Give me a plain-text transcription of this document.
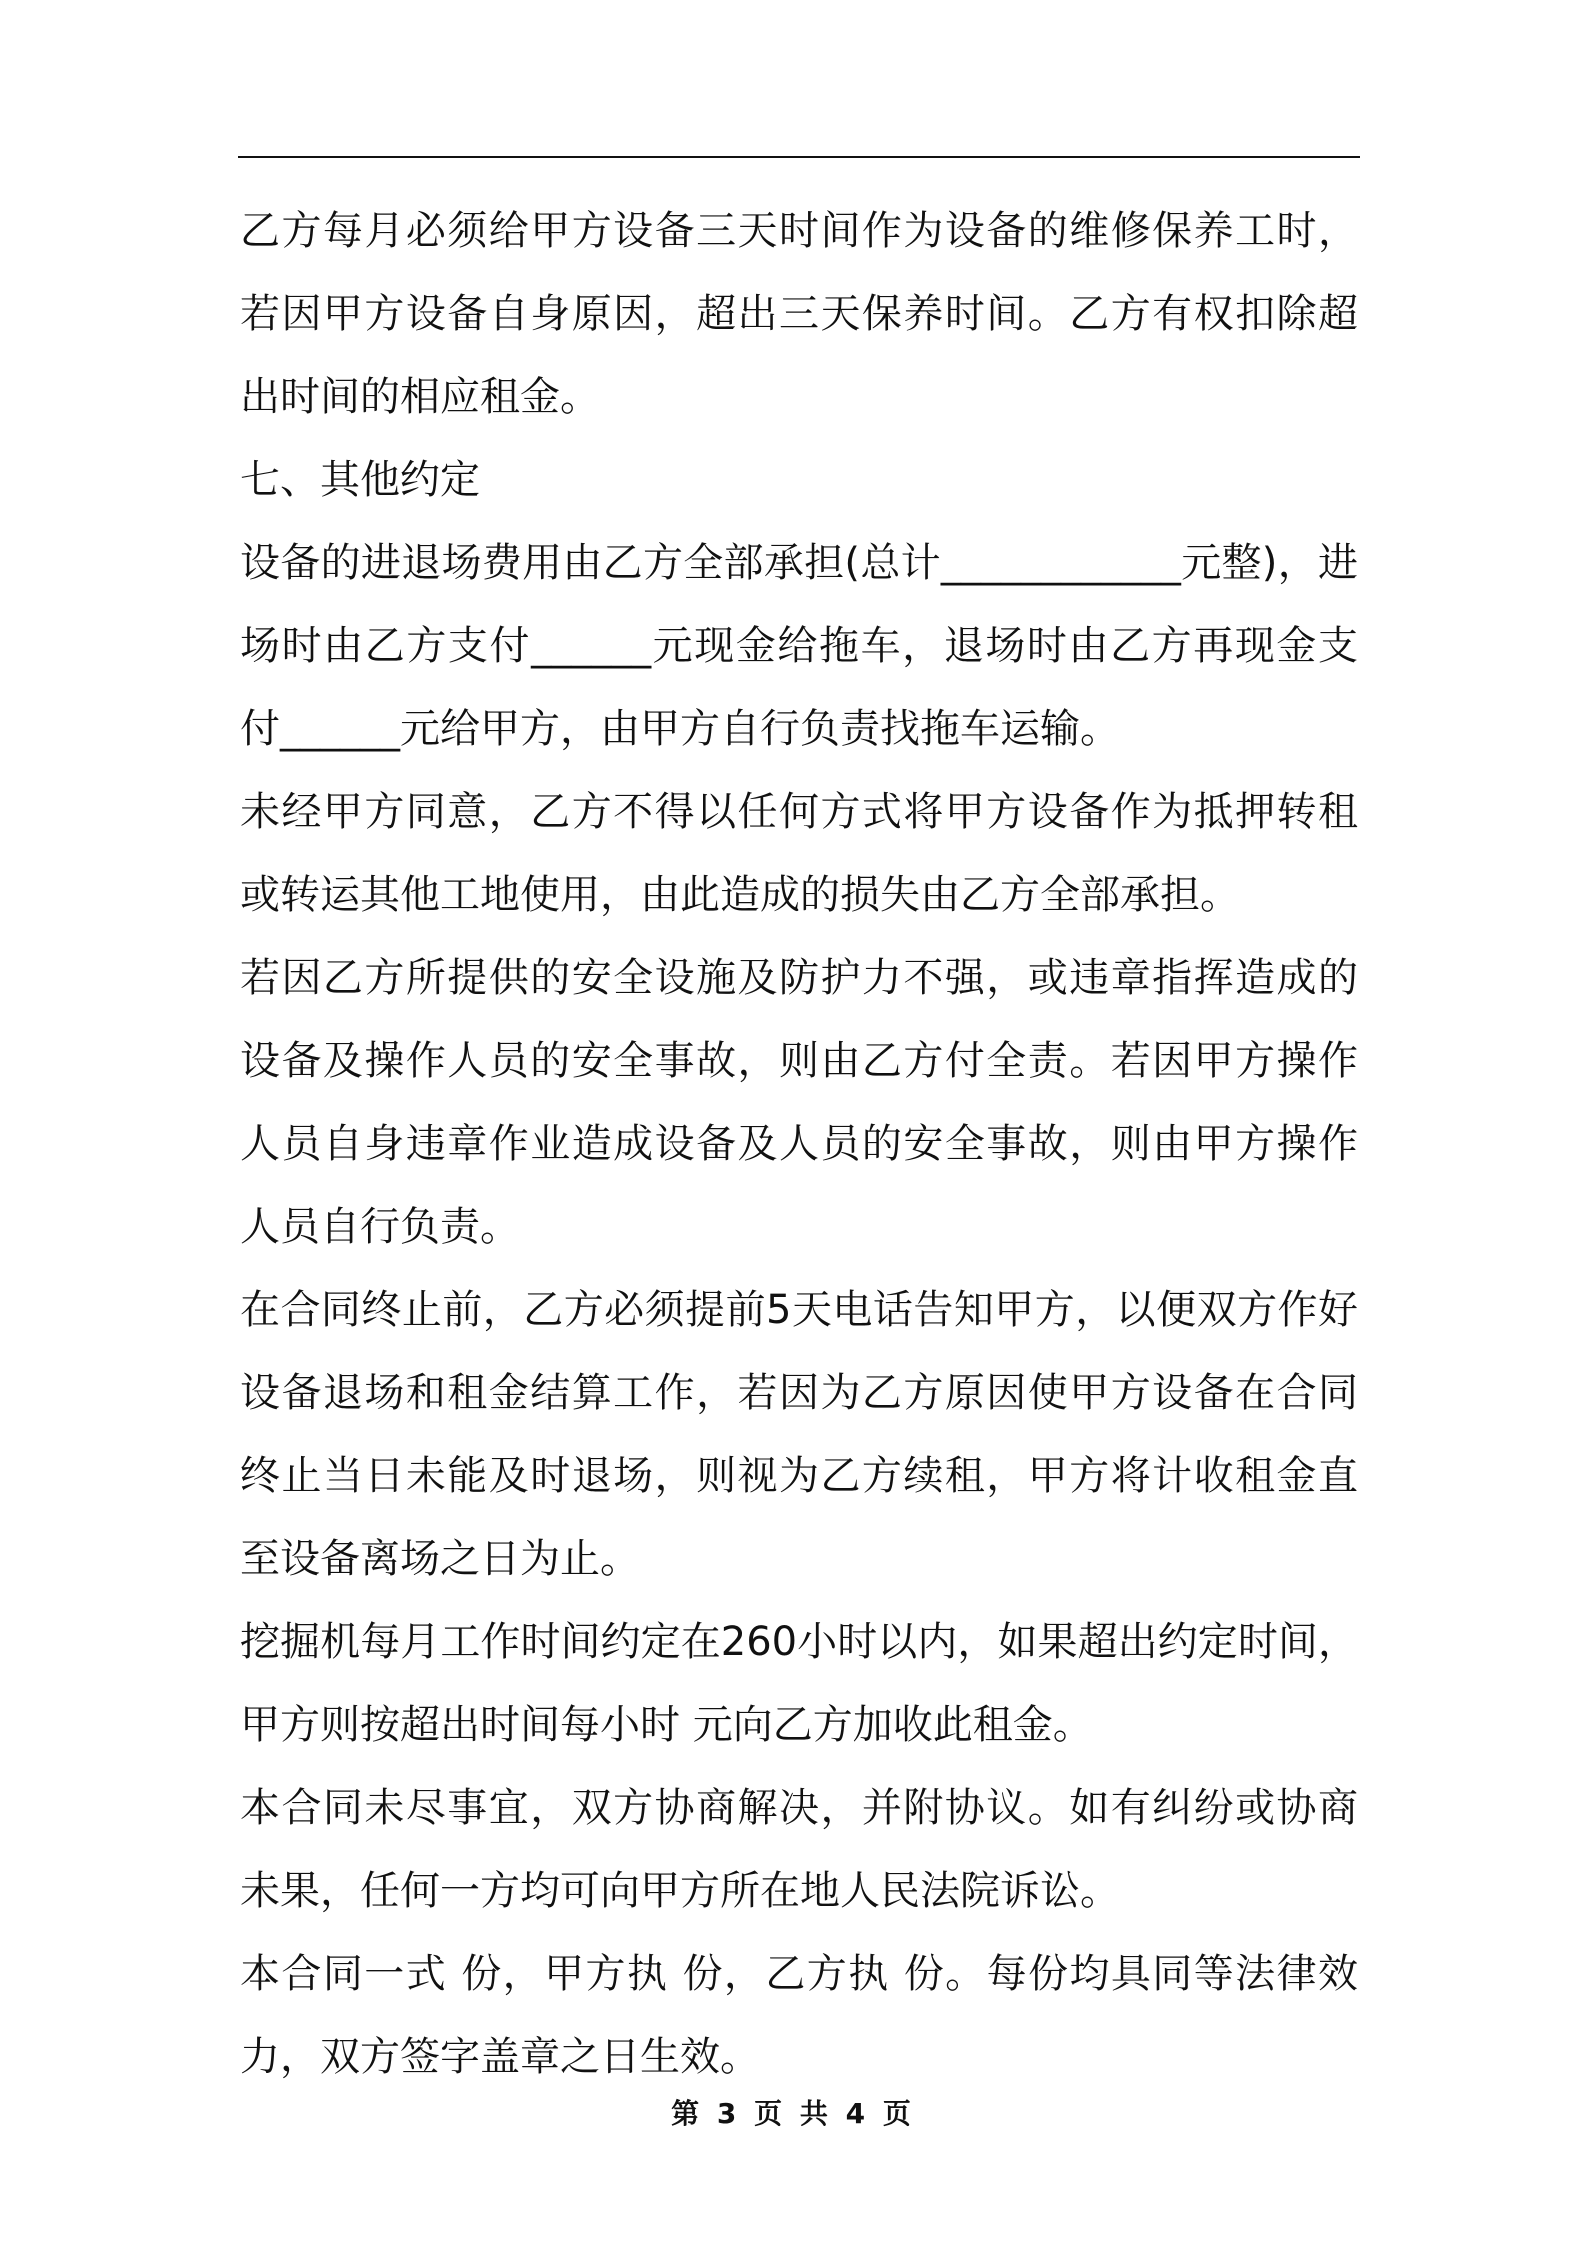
乙方每月必须给甲方设备三天时间作为设备的维修保养工时，若因甲方设备自身原因，超出三天保养时间。乙方有权扣除超出时间的相应租金。

七、其他约定

设备的进退场费用由乙方全部承担(总计____________元整)，进场时由乙方支付______元现金给拖车，退场时由乙方再现金支付______元给甲方，由甲方自行负责找拖车运输。

未经甲方同意，乙方不得以任何方式将甲方设备作为抵押转租或转运其他工地使用，由此造成的损失由乙方全部承担。

若因乙方所提供的安全设施及防护力不强，或违章指挥造成的设备及操作人员的安全事故，则由乙方付全责。若因甲方操作人员自身违章作业造成设备及人员的安全事故，则由甲方操作人员自行负责。

在合同终止前，乙方必须提前5天电话告知甲方，以便双方作好设备退场和租金结算工作，若因为乙方原因使甲方设备在合同终止当日未能及时退场，则视为乙方续租，甲方将计收租金直至设备离场之日为止。

挖掘机每月工作时间约定在260小时以内，如果超出约定时间，甲方则按超出时间每小时 元向乙方加收此租金。

本合同未尽事宜，双方协商解决，并附协议。如有纠纷或协商未果，任何一方均可向甲方所在地人民法院诉讼。

本合同一式 份，甲方执 份，乙方执 份。每份均具同等法律效力，双方签字盖章之日生效。

第 3 页 共 4 页
